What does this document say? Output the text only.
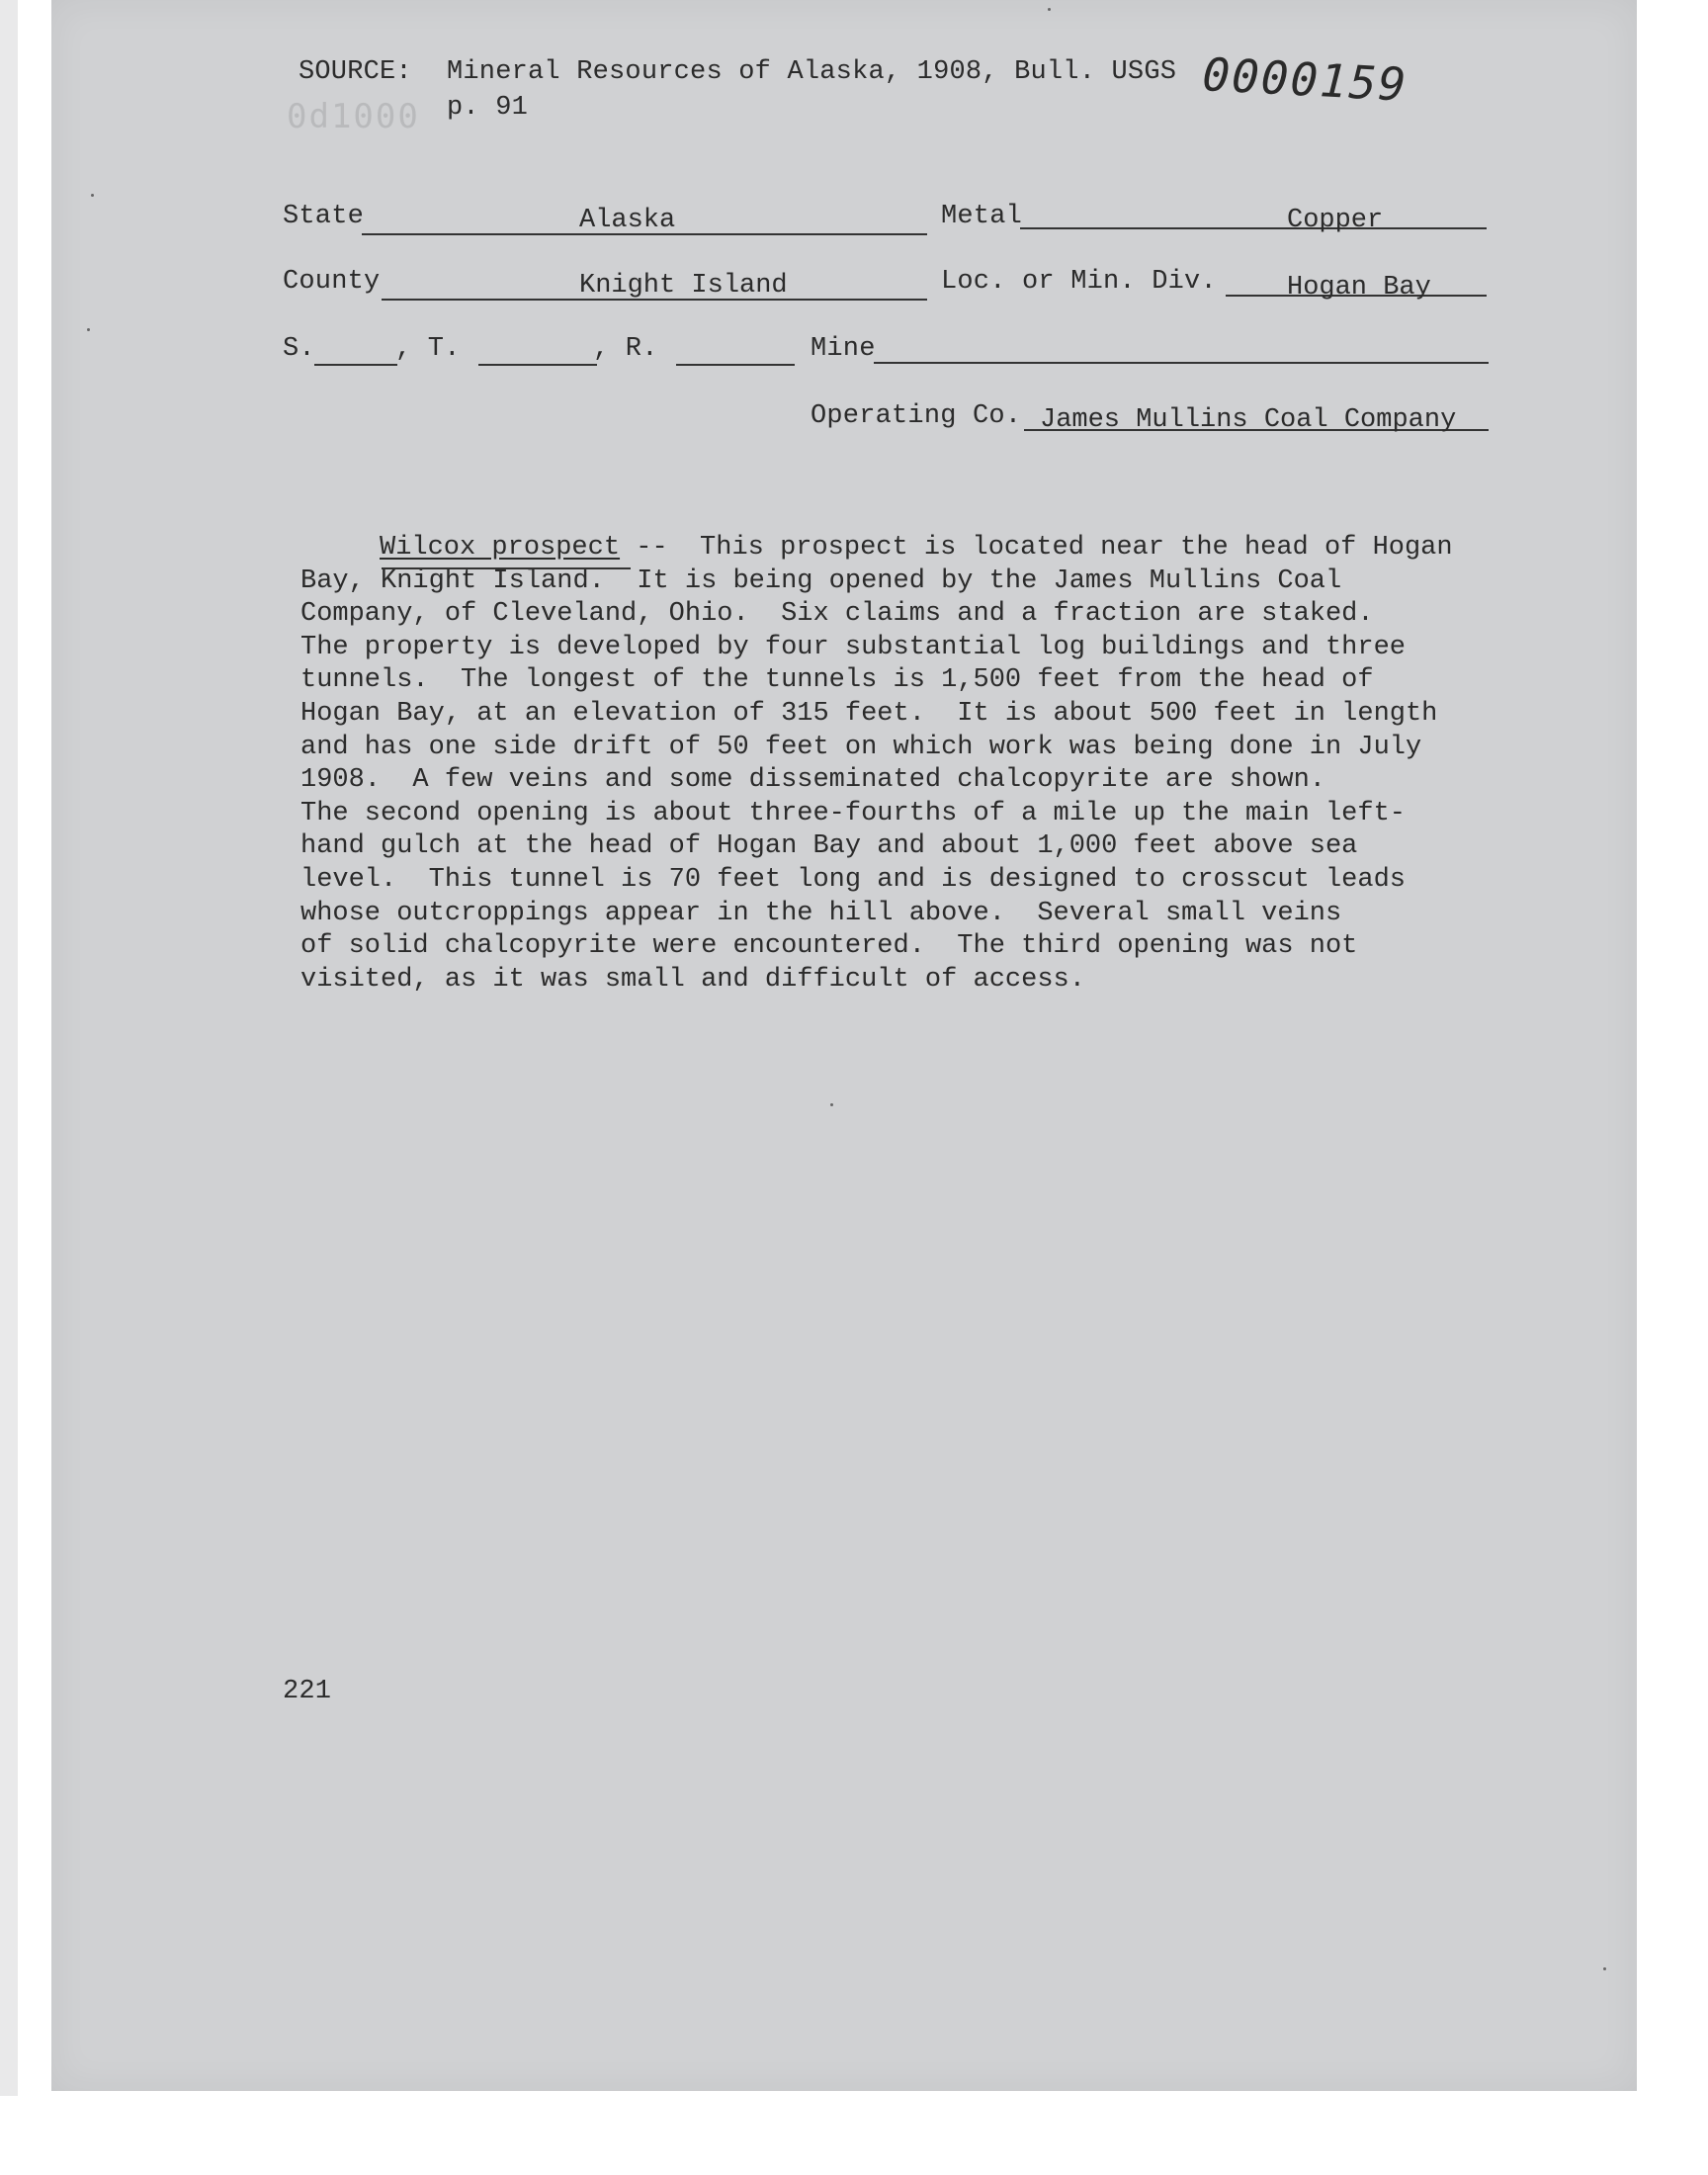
0d1000
SOURCE: Mineral Resources of Alaska, 1908, Bull. USGS
p. 91	0000159
State	Alaska	Metal	Copper
County	Knight Island	Loc. or Min. Div.	Hogan Bay
S.	, T.	, R.	Mine
Operating Co. James Mullins Coal Company
Wilcox prospect --  This prospect is located near the head of Hogan
Bay, Knight Island.  It is being opened by the James Mullins Coal
Company, of Cleveland, Ohio.  Six claims and a fraction are staked.
The property is developed by four substantial log buildings and three
tunnels.  The longest of the tunnels is 1,500 feet from the head of
Hogan Bay, at an elevation of 315 feet.  It is about 500 feet in length
and has one side drift of 50 feet on which work was being done in July
1908.  A few veins and some disseminated chalcopyrite are shown.
The second opening is about three-fourths of a mile up the main left-
hand gulch at the head of Hogan Bay and about 1,000 feet above sea
level.  This tunnel is 70 feet long and is designed to crosscut leads
whose outcroppings appear in the hill above.  Several small veins
of solid chalcopyrite were encountered.  The third opening was not
visited, as it was small and difficult of access.
221
